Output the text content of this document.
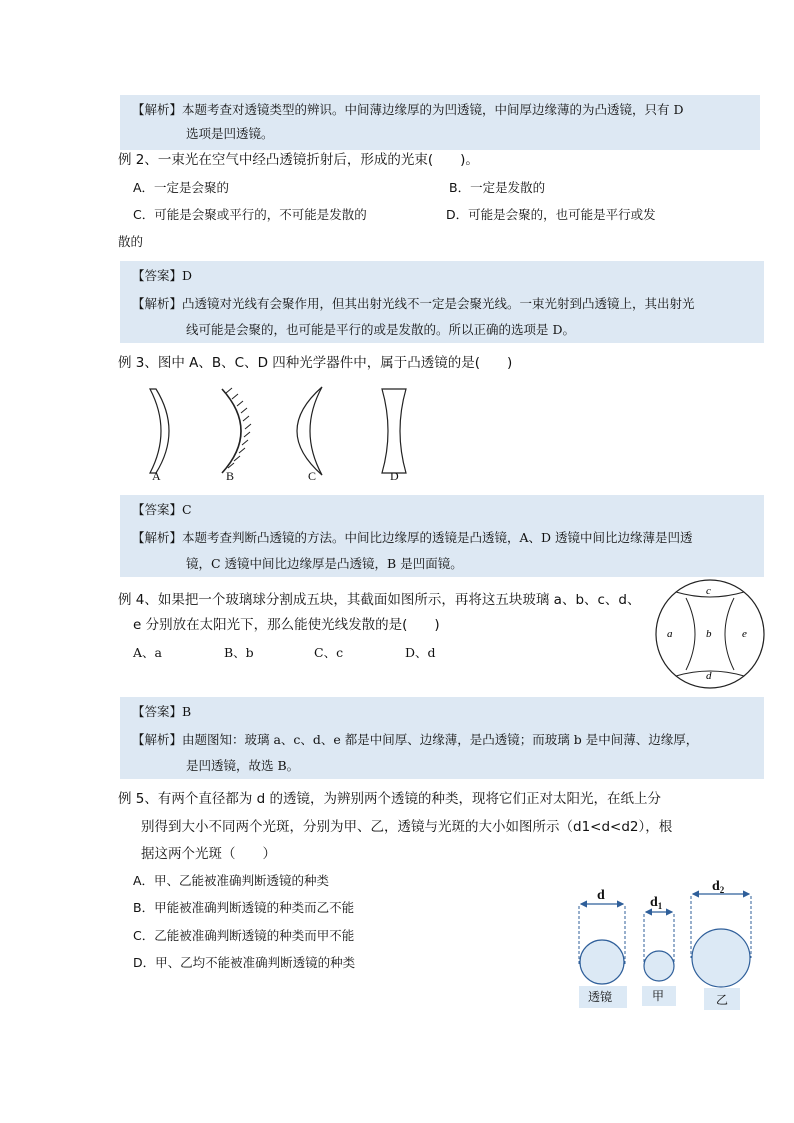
【解析】本题考查对透镜类型的辨识。中间薄边缘厚的为凹透镜，中间厚边缘薄的为凸透镜，只有 D
选项是凹透镜。
例 2、一束光在空气中经凸透镜折射后，形成的光束(　　)。
A．一定是会聚的	B．一定是发散的
C．可能是会聚或平行的，不可能是发散的	D．可能是会聚的，也可能是平行或发
散的
【答案】D
【解析】凸透镜对光线有会聚作用，但其出射光线不一定是会聚光线。一束光射到凸透镜上，其出射光
线可能是会聚的，也可能是平行的或是发散的。所以正确的选项是 D。
例 3、图中 A、B、C、D 四种光学器件中，属于凸透镜的是(　　)
A	B	C	D
【答案】C
【解析】本题考查判断凸透镜的方法。中间比边缘厚的透镜是凸透镜，A、D 透镜中间比边缘薄是凹透
镜，C 透镜中间比边缘厚是凸透镜，B 是凹面镜。
例 4、如果把一个玻璃球分割成五块，其截面如图所示，再将这五块玻璃 a、b、c、d、
e 分别放在太阳光下，那么能使光线发散的是(　　)
A、a	B、b	C、c	D、d
c
a	b	e
d
【答案】B
【解析】由题图知：玻璃 a、c、d、e 都是中间厚、边缘薄，是凸透镜；而玻璃 b 是中间薄、边缘厚，
是凹透镜，故选 B。
例 5、有两个直径都为 d 的透镜，为辨别两个透镜的种类，现将它们正对太阳光，在纸上分
别得到大小不同两个光斑，分别为甲、乙，透镜与光斑的大小如图所示（d1<d<d2），根
据这两个光斑（　　）
A．甲、乙能被准确判断透镜的种类
B．甲能被准确判断透镜的种类而乙不能
C．乙能被准确判断透镜的种类而甲不能
D．甲、乙均不能被准确判断透镜的种类
d	$d_1$
$d_2$
透镜	甲	乙
